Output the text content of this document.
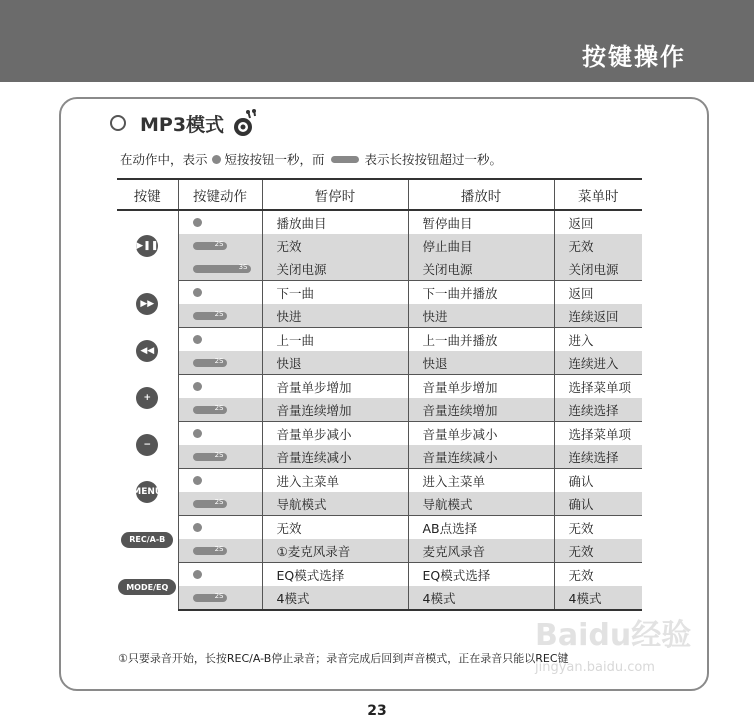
按键操作
MP3模式
在动作中，表示 短按按钮一秒，而	表示长按按钮超过一秒。
按键	按键动作	暂停时	播放时	菜单时
▶❚❚		播放曲目	暂停曲目	返回

	2S	无效	停止曲目	无效

	3S	关闭电源	关闭电源	关闭电源
▶▶		下一曲	下一曲并播放	返回

	2S	快进	快进	连续返回
◀◀		上一曲	上一曲并播放	进入

	2S	快退	快退	连续进入
+		音量单步增加	音量单步增加	选择菜单项

	2S	音量连续增加	音量连续增加	连续选择
−		音量单步减小	音量单步减小	选择菜单项

	2S	音量连续减小	音量连续减小	连续选择
MENU		进入主菜单	进入主菜单	确认

	2S	导航模式	导航模式	确认
REC/A-B		无效	AB点选择	无效

	2S	①麦克风录音	麦克风录音	无效
MODE/EQ		EQ模式选择	EQ模式选择	无效

	2S	4模式	4模式	4模式
①只要录音开始，长按REC/A-B停止录音；录音完成后回到声音模式，正在录音只能以REC键
23
Baidu经验
jingyan.baidu.com
